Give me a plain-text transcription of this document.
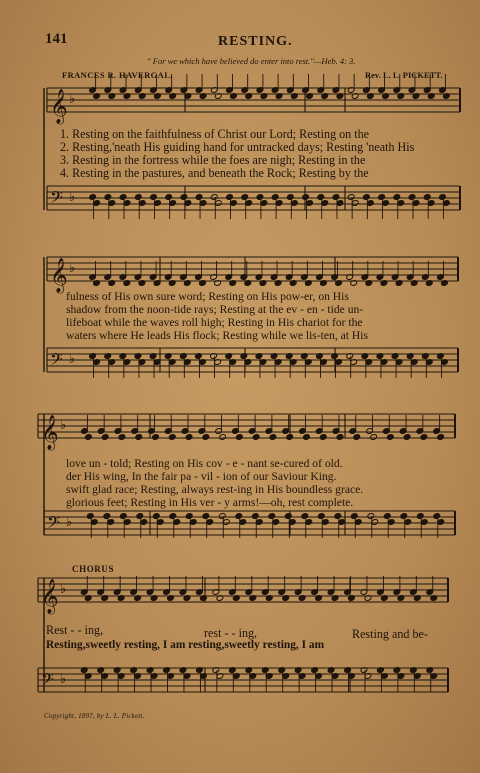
141	RESTING.
" For we which have believed do enter into rest."—Heb. 4: 3.
FRANCES R. HAVERGAL.	Rev. L. L. PICKETT.
𝄞 ♭
𝄢 ♭
𝄞 ♭
𝄢 ♭
𝄞 ♭
𝄢 ♭
𝄞 ♭
𝄢 ♭
1. Resting on the faithfulness of Christ our Lord; Resting on the
2. Resting,'neath His guiding hand for untracked days; Resting 'neath His
3. Resting in the fortress while the foes are nigh; Resting in the
4. Resting in the pastures, and beneath the Rock; Resting by the
fulness of His own sure word; Resting on His pow-er, on His
shadow from the noon-tide rays; Resting at the ev - en - tide un-
lifeboat while the waves roll high; Resting in His chariot for the
waters where He leads His flock; Resting while we lis-ten, at His
love un - told; Resting on His cov - e - nant se-cured of old.
der His wing, In the fair pa - vil - ion of our Saviour King.
swift glad race; Resting, always rest-ing in His boundless grace.
glorious feet; Resting in His ver - y arms!—oh, rest complete.
CHORUS
Rest - - ing,	rest - - ing,	Resting and be-
Resting,sweetly resting, I am resting,sweetly resting, I am
Copyright, 1897, by L. L. Pickett.
